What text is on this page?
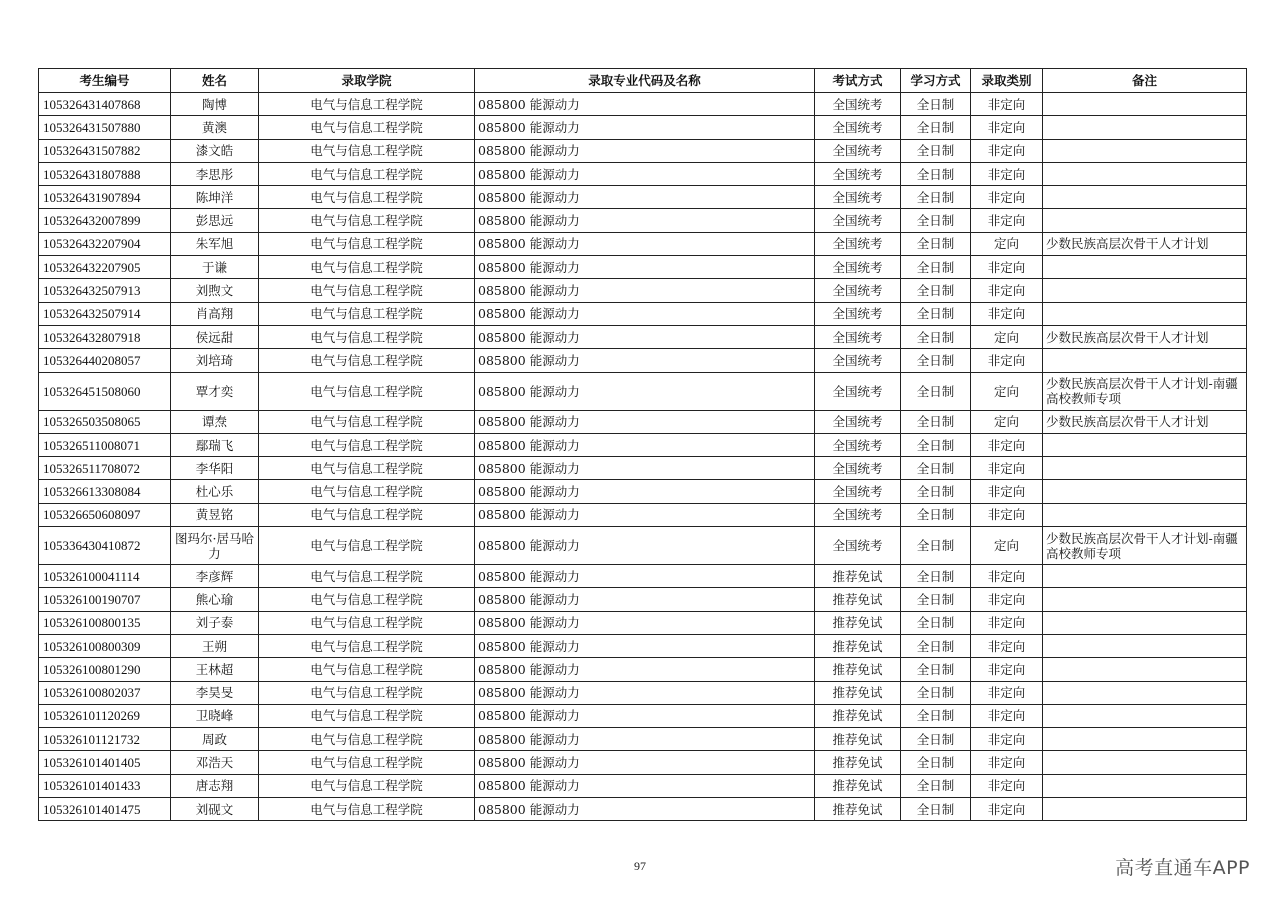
考生编号	姓名	录取学院	录取专业代码及名称	考试方式	学习方式	录取类别	备注
105326431407868	陶博	电气与信息工程学院	085800 能源动力	全国统考	全日制	非定向	
105326431507880	黄澳	电气与信息工程学院	085800 能源动力	全国统考	全日制	非定向	
105326431507882	漆文皓	电气与信息工程学院	085800 能源动力	全国统考	全日制	非定向	
105326431807888	李思彤	电气与信息工程学院	085800 能源动力	全国统考	全日制	非定向	
105326431907894	陈坤洋	电气与信息工程学院	085800 能源动力	全国统考	全日制	非定向	
105326432007899	彭思远	电气与信息工程学院	085800 能源动力	全国统考	全日制	非定向	
105326432207904	朱军旭	电气与信息工程学院	085800 能源动力	全国统考	全日制	定向	少数民族高层次骨干人才计划
105326432207905	于谦	电气与信息工程学院	085800 能源动力	全国统考	全日制	非定向	
105326432507913	刘煦文	电气与信息工程学院	085800 能源动力	全国统考	全日制	非定向	
105326432507914	肖高翔	电气与信息工程学院	085800 能源动力	全国统考	全日制	非定向	
105326432807918	侯远甜	电气与信息工程学院	085800 能源动力	全国统考	全日制	定向	少数民族高层次骨干人才计划
105326440208057	刘培琦	电气与信息工程学院	085800 能源动力	全国统考	全日制	非定向	
105326451508060	覃才奕	电气与信息工程学院	085800 能源动力	全国统考	全日制	定向	少数民族高层次骨干人才计划-南疆高校教师专项
105326503508065	谭焘	电气与信息工程学院	085800 能源动力	全国统考	全日制	定向	少数民族高层次骨干人才计划
105326511008071	鄢瑞飞	电气与信息工程学院	085800 能源动力	全国统考	全日制	非定向	
105326511708072	李华阳	电气与信息工程学院	085800 能源动力	全国统考	全日制	非定向	
105326613308084	杜心乐	电气与信息工程学院	085800 能源动力	全国统考	全日制	非定向	
105326650608097	黄昱铭	电气与信息工程学院	085800 能源动力	全国统考	全日制	非定向	
105336430410872	图玛尔·居马哈力	电气与信息工程学院	085800 能源动力	全国统考	全日制	定向	少数民族高层次骨干人才计划-南疆高校教师专项
105326100041114	李彦辉	电气与信息工程学院	085800 能源动力	推荐免试	全日制	非定向	
105326100190707	熊心瑜	电气与信息工程学院	085800 能源动力	推荐免试	全日制	非定向	
105326100800135	刘子泰	电气与信息工程学院	085800 能源动力	推荐免试	全日制	非定向	
105326100800309	王朔	电气与信息工程学院	085800 能源动力	推荐免试	全日制	非定向	
105326100801290	王林超	电气与信息工程学院	085800 能源动力	推荐免试	全日制	非定向	
105326100802037	李昊旻	电气与信息工程学院	085800 能源动力	推荐免试	全日制	非定向	
105326101120269	卫晓峰	电气与信息工程学院	085800 能源动力	推荐免试	全日制	非定向	
105326101121732	周政	电气与信息工程学院	085800 能源动力	推荐免试	全日制	非定向	
105326101401405	邓浩天	电气与信息工程学院	085800 能源动力	推荐免试	全日制	非定向	
105326101401433	唐志翔	电气与信息工程学院	085800 能源动力	推荐免试	全日制	非定向	
105326101401475	刘砚文	电气与信息工程学院	085800 能源动力	推荐免试	全日制	非定向	
97	高考直通车APP
